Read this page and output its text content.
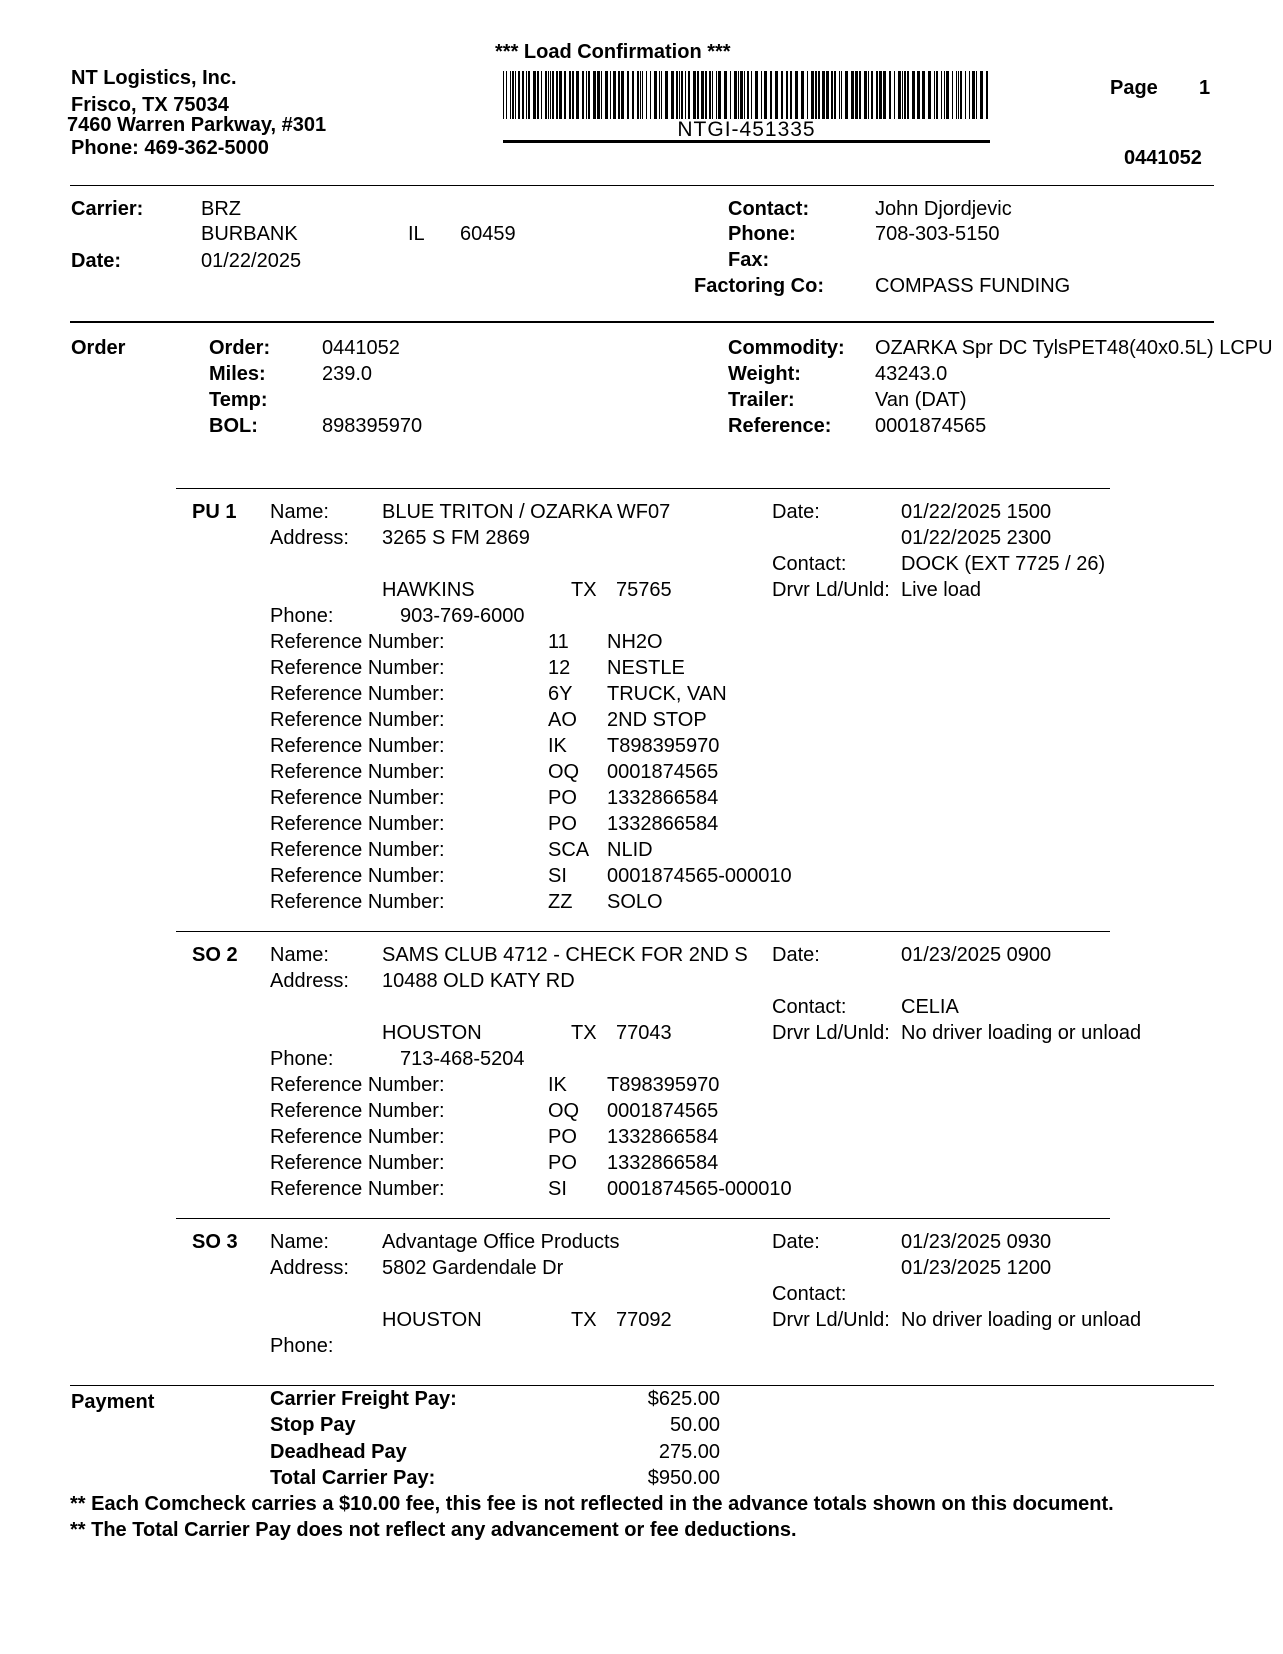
NT Logistics, Inc.
Frisco, TX 75034
7460 Warren Parkway, #301
Phone: 469-362-5000
*** Load Confirmation ***
NTGI-451335
Page 1
0441052
Carrier:	BRZ
BURBANK	IL 60459
Date:	01/22/2025
Contact:	John Djordjevic
Phone:	708-303-5150
Fax:
Factoring Co:	COMPASS FUNDING
Order	Order:	0441052
Miles:	239.0
Temp:
BOL:	898395970
Commodity: OZARKA Spr DC TylsPET48(40x0.5L) LCPU
Weight:	43243.0
Trailer:	Van (DAT)
Reference: 0001874565
PU 1 Name:	BLUE TRITON / OZARKA WF07
Address: 3265 S FM 2869
HAWKINS	TX 75765
Phone:	903-769-6000
Date:	01/22/2025 1500
01/22/2025 2300
Contact:	DOCK (EXT 7725 / 26)
Drvr Ld/Unld: Live load
Reference Number:	11 NH2O
Reference Number:	12 NESTLE
Reference Number:	6Y TRUCK, VAN
Reference Number:	AO 2ND STOP
Reference Number:	IK T898395970
Reference Number:	OQ 0001874565
Reference Number:	PO 1332866584
Reference Number:	PO 1332866584
Reference Number:	SCA NLID
Reference Number:	SI 0001874565-000010
Reference Number:	ZZ SOLO
SO 2 Name:	SAMS CLUB 4712 - CHECK FOR 2ND S
Address: 10488 OLD KATY RD
HOUSTON	TX 77043
Phone:	713-468-5204
Date:	01/23/2025 0900
Contact:	CELIA
Drvr Ld/Unld: No driver loading or unload
Reference Number:	IK T898395970
Reference Number:	OQ 0001874565
Reference Number:	PO 1332866584
Reference Number:	PO 1332866584
Reference Number:	SI 0001874565-000010
SO 3 Name:	Advantage Office Products
Address: 5802 Gardendale Dr
HOUSTON	TX 77092
Phone:
Date:	01/23/2025 0930
01/23/2025 1200
Contact:
Drvr Ld/Unld: No driver loading or unload
Payment	Carrier Freight Pay:	$625.00
Stop Pay	50.00
Deadhead Pay	275.00
Total Carrier Pay:	$950.00
** Each Comcheck carries a $10.00 fee, this fee is not reflected in the advance totals shown on this document.
** The Total Carrier Pay does not reflect any advancement or fee deductions.
